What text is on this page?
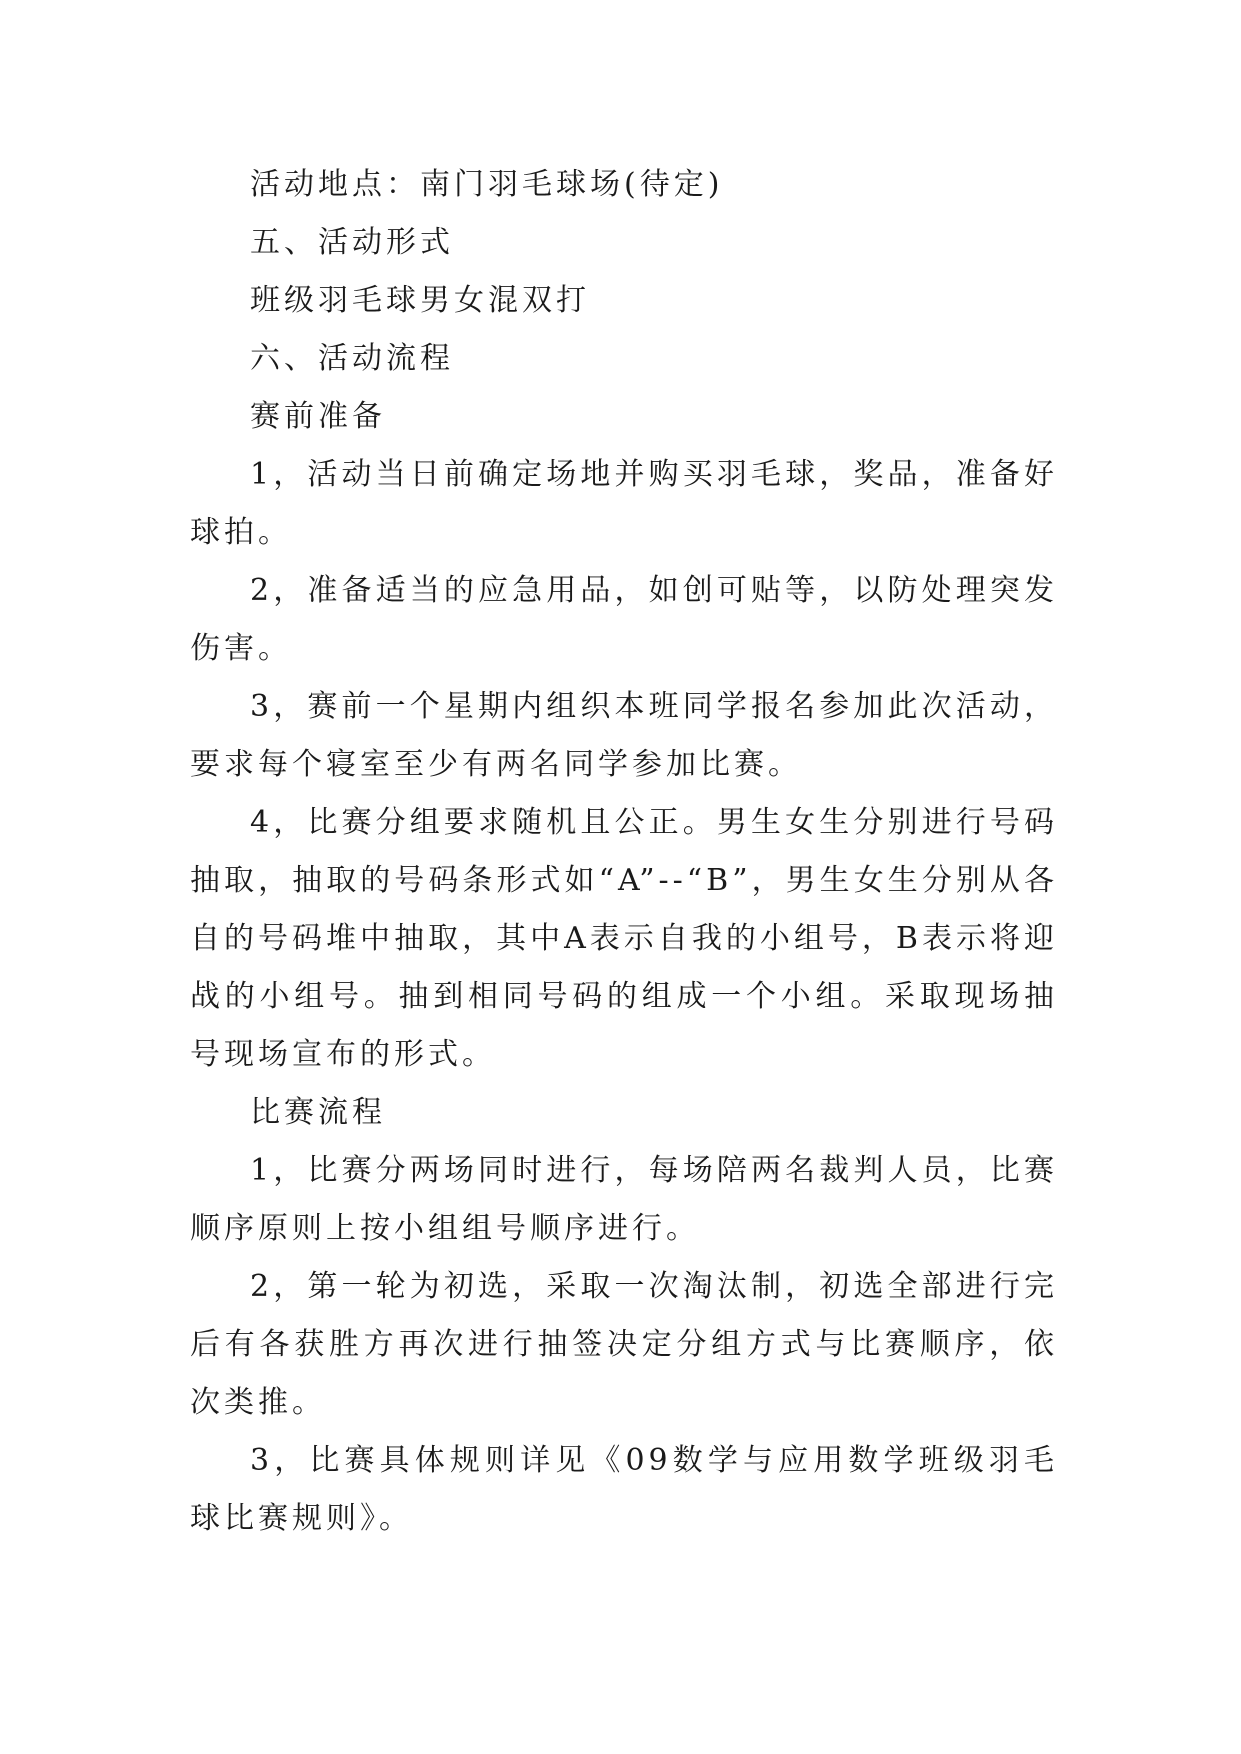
活动地点：南门羽毛球场(待定)

五、活动形式

班级羽毛球男女混双打

六、活动流程

赛前准备

1，活动当日前确定场地并购买羽毛球，奖品，准备好球拍。

2，准备适当的应急用品，如创可贴等，以防处理突发伤害。

3，赛前一个星期内组织本班同学报名参加此次活动，要求每个寝室至少有两名同学参加比赛。

4，比赛分组要求随机且公正。男生女生分别进行号码抽取，抽取的号码条形式如“A”--“B”，男生女生分别从各自的号码堆中抽取，其中A表示自我的小组号，B表示将迎战的小组号。抽到相同号码的组成一个小组。采取现场抽号现场宣布的形式。

比赛流程

1，比赛分两场同时进行，每场陪两名裁判人员，比赛顺序原则上按小组组号顺序进行。

2，第一轮为初选，采取一次淘汰制，初选全部进行完后有各获胜方再次进行抽签决定分组方式与比赛顺序，依次类推。

3，比赛具体规则详见《09数学与应用数学班级羽毛球比赛规则》。
